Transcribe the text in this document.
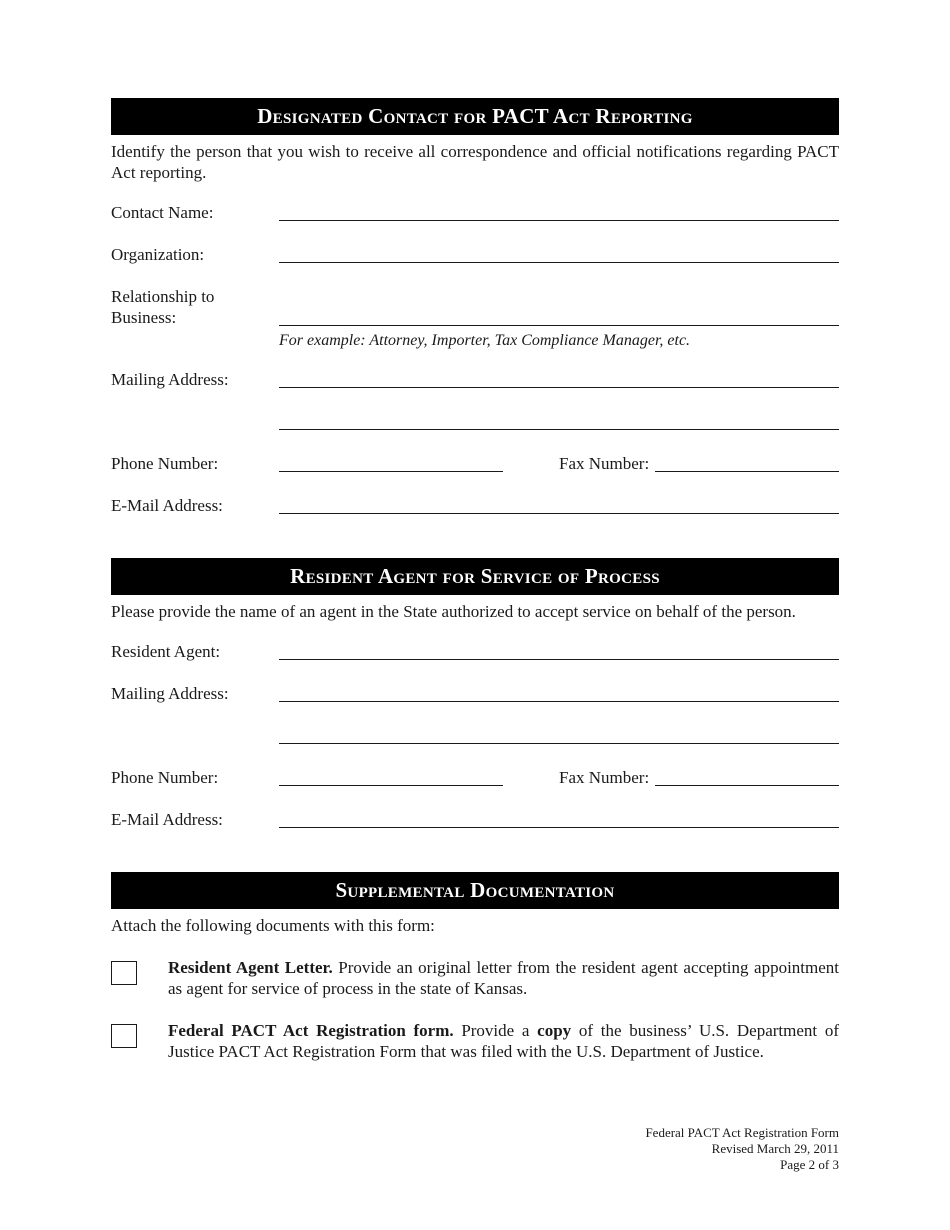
Designated Contact for PACT Act Reporting
Identify the person that you wish to receive all correspondence and official notifications regarding PACT Act reporting.
Contact Name:
Organization:
Relationship to Business:
For example: Attorney, Importer, Tax Compliance Manager, etc.
Mailing Address:
Phone Number:	Fax Number:
E-Mail Address:
Resident Agent for Service of Process
Please provide the name of an agent in the State authorized to accept service on behalf of the person.
Resident Agent:
Mailing Address:
Phone Number:	Fax Number:
E-Mail Address:
Supplemental Documentation
Attach the following documents with this form:
Resident Agent Letter. Provide an original letter from the resident agent accepting appointment as agent for service of process in the state of Kansas.
Federal PACT Act Registration form. Provide a copy of the business’ U.S. Department of Justice PACT Act Registration Form that was filed with the U.S. Department of Justice.
Federal PACT Act Registration Form
Revised March 29, 2011
Page 2 of 3
